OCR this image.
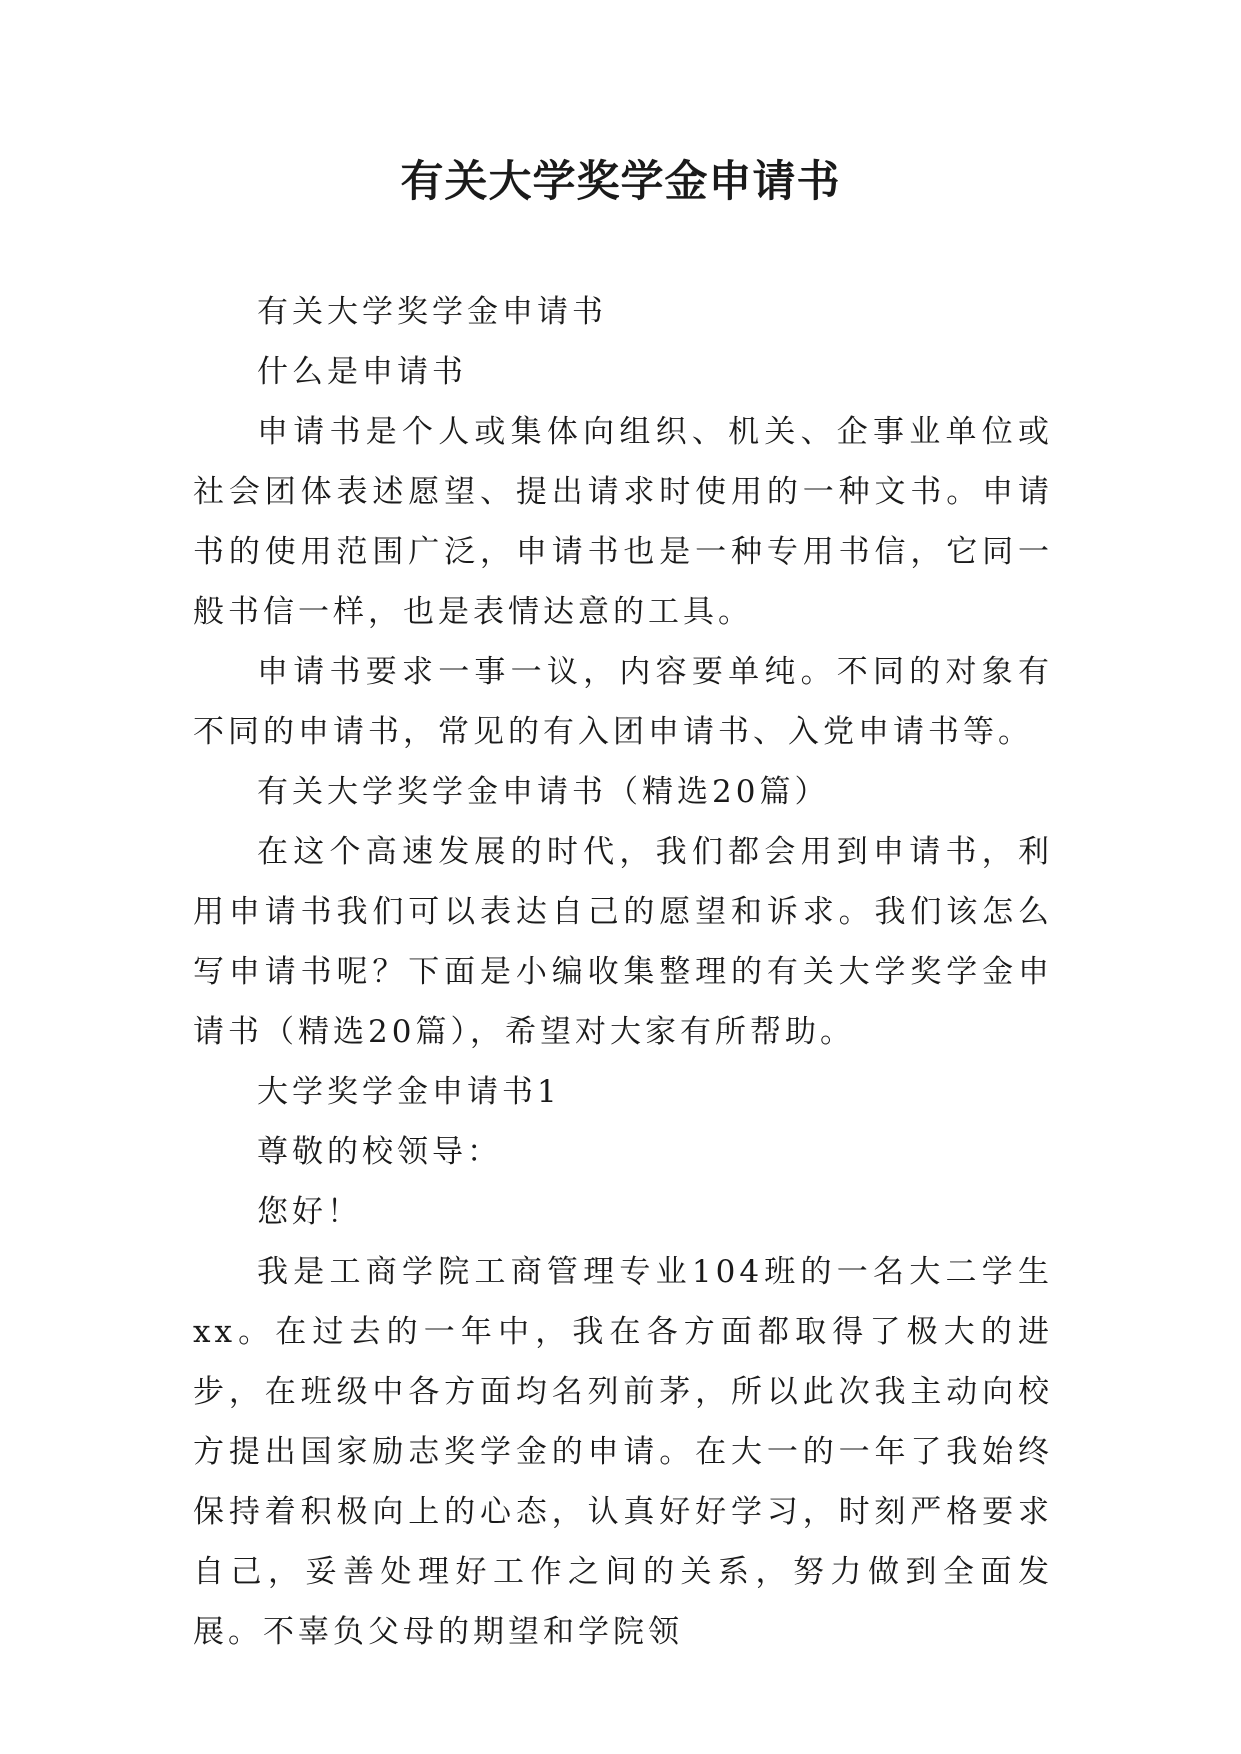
有关大学奖学金申请书

有关大学奖学金申请书

什么是申请书

申请书是个人或集体向组织、机关、企事业单位或社会团体表述愿望、提出请求时使用的一种文书。申请书的使用范围广泛，申请书也是一种专用书信，它同一般书信一样，也是表情达意的工具。

申请书要求一事一议，内容要单纯。不同的对象有不同的申请书，常见的有入团申请书、入党申请书等。

有关大学奖学金申请书（精选20篇）

在这个高速发展的时代，我们都会用到申请书，利用申请书我们可以表达自己的愿望和诉求。我们该怎么写申请书呢？下面是小编收集整理的有关大学奖学金申请书（精选20篇），希望对大家有所帮助。

大学奖学金申请书1

尊敬的校领导：

您好！

我是工商学院工商管理专业104班的一名大二学生xx。在过去的一年中，我在各方面都取得了极大的进步，在班级中各方面均名列前茅，所以此次我主动向校方提出国家励志奖学金的申请。在大一的一年了我始终保持着积极向上的心态，认真好好学习，时刻严格要求自己，妥善处理好工作之间的关系，努力做到全面发展。不辜负父母的期望和学院领
